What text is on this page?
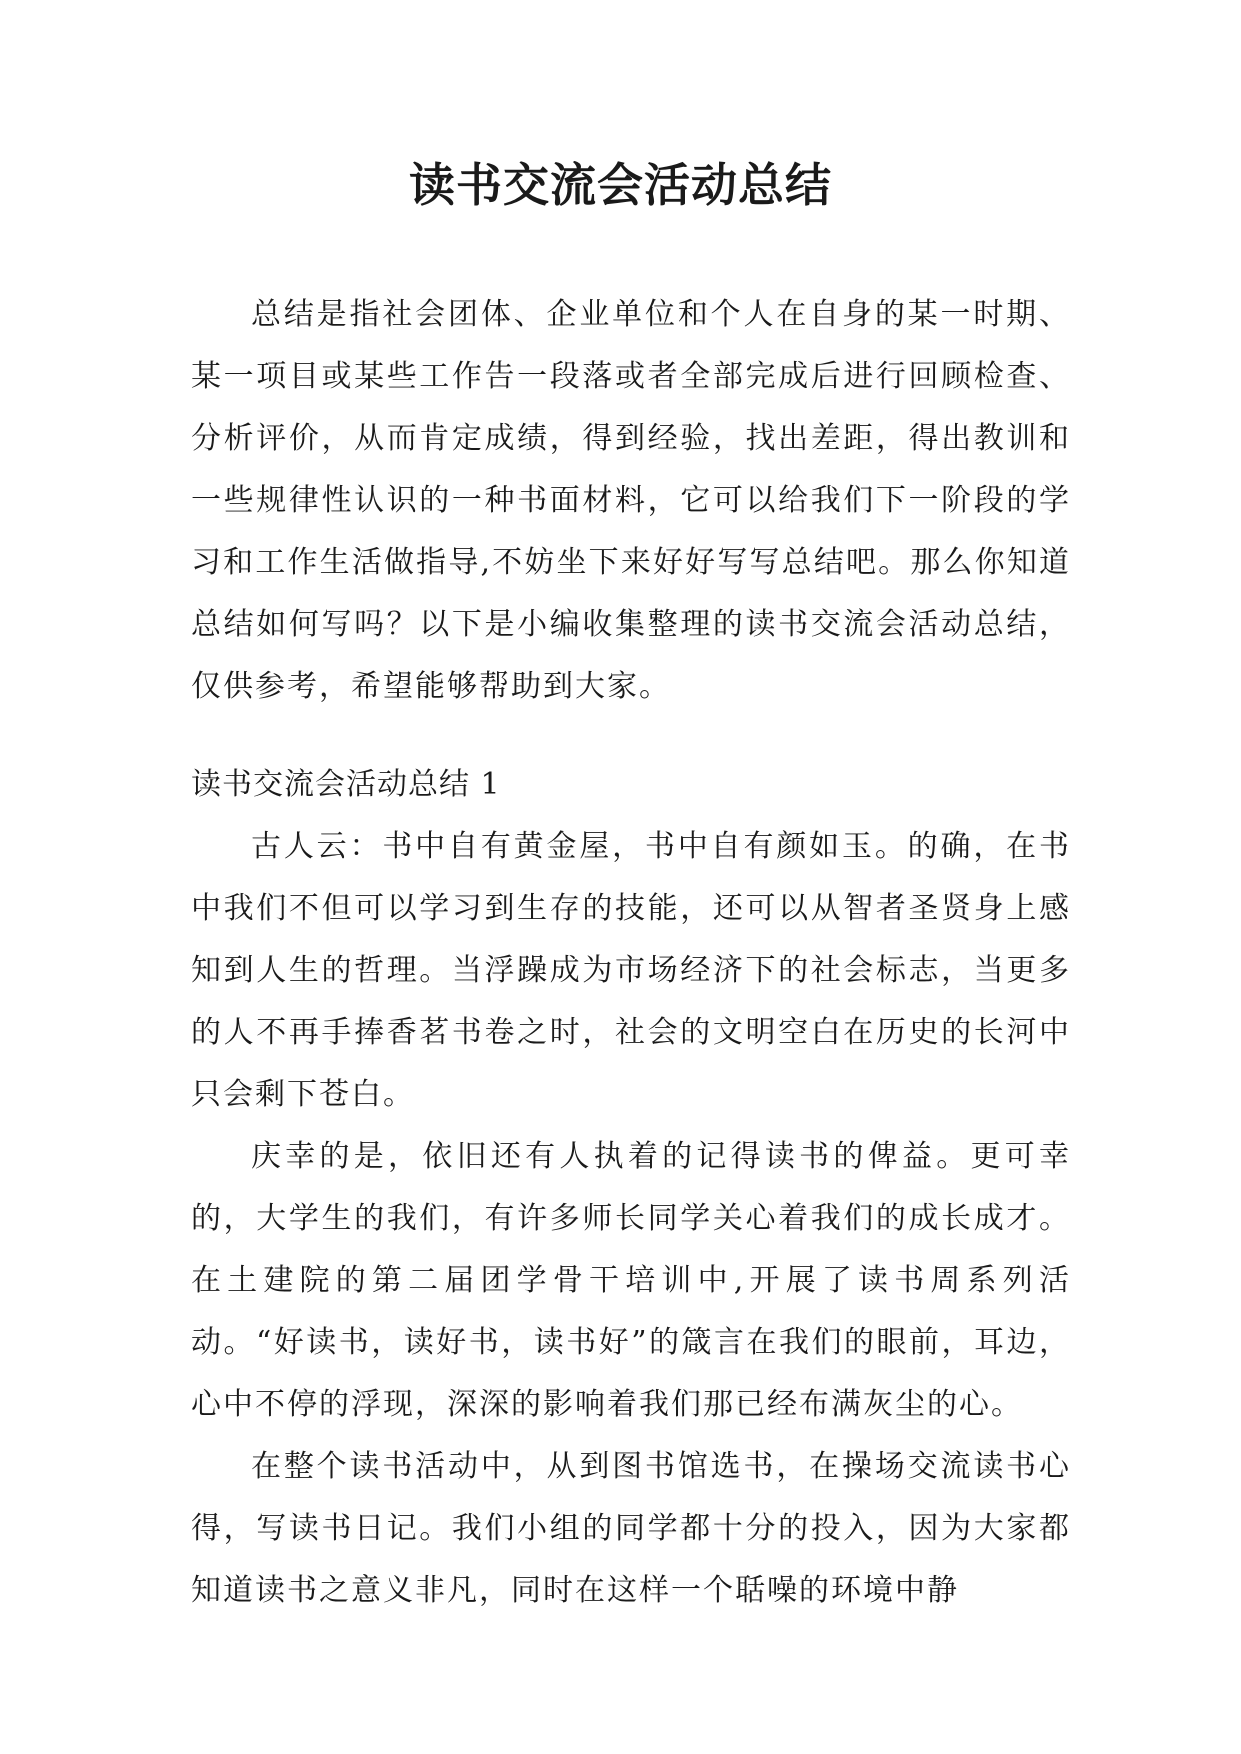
读书交流会活动总结

总结是指社会团体、企业单位和个人在自身的某一时期、某一项目或某些工作告一段落或者全部完成后进行回顾检查、分析评价，从而肯定成绩，得到经验，找出差距，得出教训和一些规律性认识的一种书面材料，它可以给我们下一阶段的学习和工作生活做指导,不妨坐下来好好写写总结吧。那么你知道总结如何写吗？以下是小编收集整理的读书交流会活动总结，仅供参考，希望能够帮助到大家。

读书交流会活动总结 1

古人云：书中自有黄金屋，书中自有颜如玉。的确，在书中我们不但可以学习到生存的技能，还可以从智者圣贤身上感知到人生的哲理。当浮躁成为市场经济下的社会标志，当更多的人不再手捧香茗书卷之时，社会的文明空白在历史的长河中只会剩下苍白。

庆幸的是，依旧还有人执着的记得读书的俾益。更可幸的，大学生的我们，有许多师长同学关心着我们的成长成才。在土建院的第二届团学骨干培训中,开展了读书周系列活动。“好读书，读好书，读书好”的箴言在我们的眼前，耳边，心中不停的浮现，深深的影响着我们那已经布满灰尘的心。

在整个读书活动中，从到图书馆选书，在操场交流读书心得，写读书日记。我们小组的同学都十分的投入，因为大家都知道读书之意义非凡，同时在这样一个聒噪的环境中静
